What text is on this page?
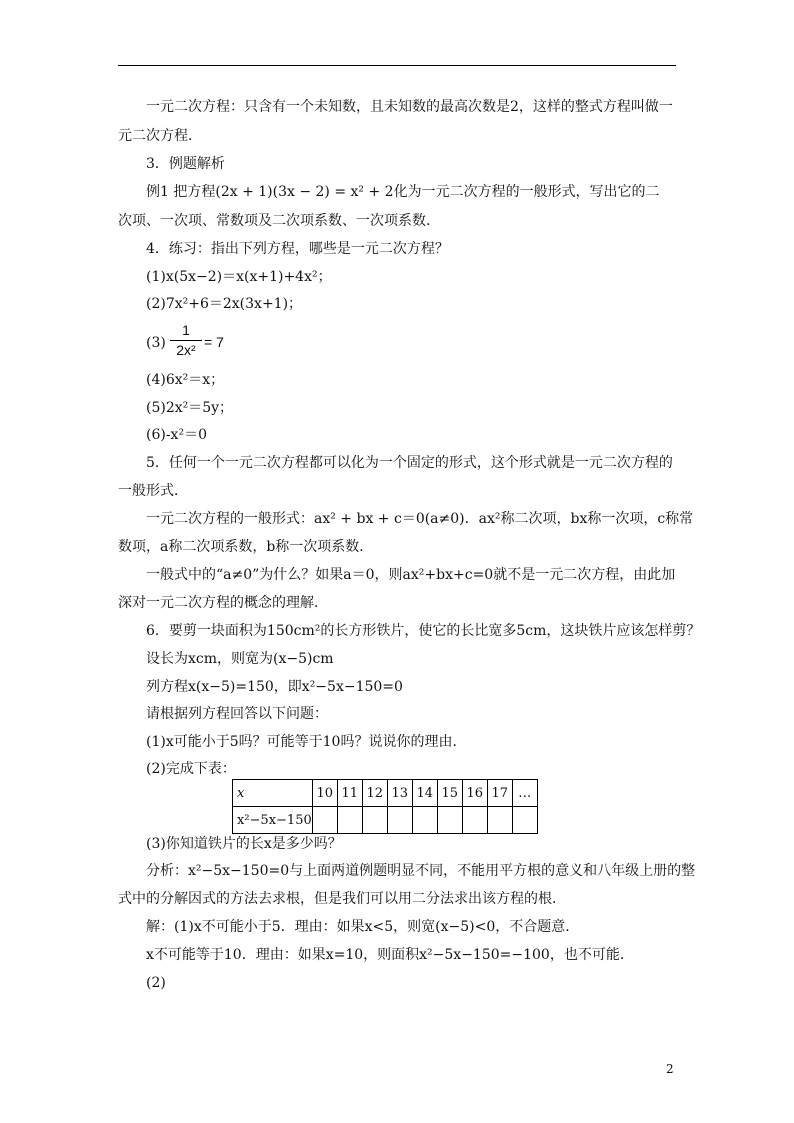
一元二次方程：只含有一个未知数，且未知数的最高次数是2，这样的整式方程叫做一
元二次方程．
3．例题解析
例1 把方程(2x + 1)(3x − 2) = x² + 2化为一元二次方程的一般形式，写出它的二
次项、一次项、常数项及二次项系数、一次项系数．
4．练习：指出下列方程，哪些是一元二次方程？
(1)x(5x−2)＝x(x+1)+4x²；
(2)7x²+6＝2x(3x+1)；
(3)
1
2x² = 7
(4)6x²＝x；
(5)2x²＝5y；
(6)-x²＝0
5．任何一个一元二次方程都可以化为一个固定的形式，这个形式就是一元二次方程的
一般形式．
一元二次方程的一般形式：ax² + bx + c＝0(a≠0)．ax²称二次项，bx称一次项，c称常
数项，a称二次项系数，b称一次项系数．
一般式中的“a≠0”为什么？如果a＝0，则ax²+bx+c=0就不是一元二次方程，由此加
深对一元二次方程的概念的理解．
6．要剪一块面积为150cm²的长方形铁片，使它的长比宽多5cm，这块铁片应该怎样剪？
设长为xcm，则宽为(x−5)cm
列方程x(x−5)=150，即x²−5x−150=0
请根据列方程回答以下问题：
(1)x可能小于5吗？可能等于10吗？说说你的理由．
(2)完成下表：
x	10	11	12	13	14	15	16	17	…
x²−5x−150									
(3)你知道铁片的长x是多少吗？
分析：x²−5x−150=0与上面两道例题明显不同，不能用平方根的意义和八年级上册的整
式中的分解因式的方法去求根，但是我们可以用二分法求出该方程的根．
解：(1)x不可能小于5．理由：如果x<5，则宽(x−5)<0，不合题意．
x不可能等于10．理由：如果x=10，则面积x²−5x−150=−100，也不可能．
(2)
2
